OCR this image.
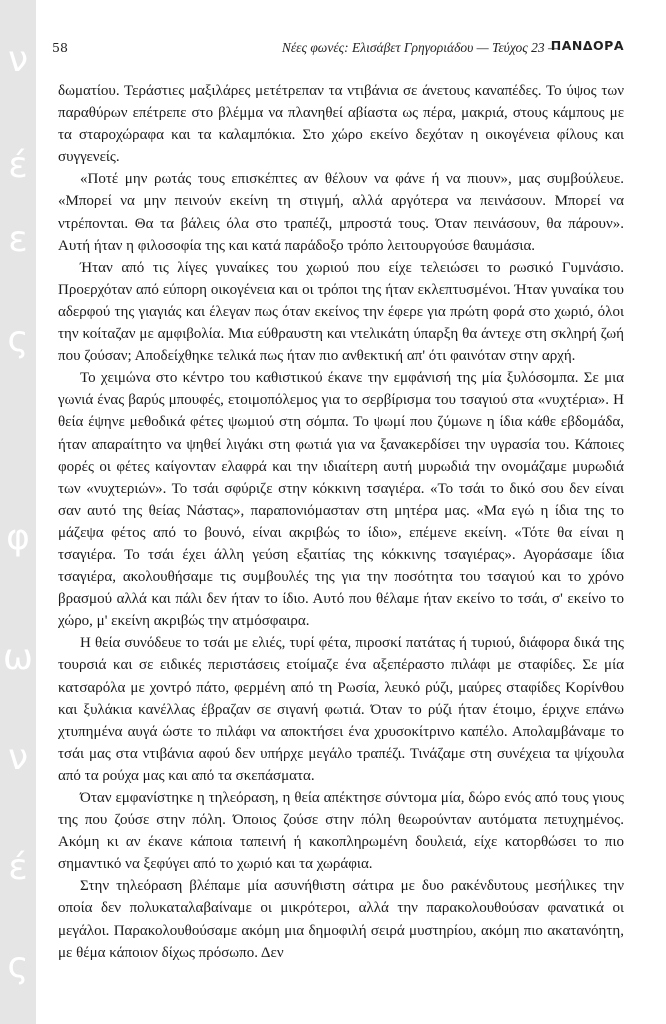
ν
έ
ε
ς
φ
ω
ν
έ
ς
58	Νέες φωνές: Ελισάβετ Γρηγοριάδου — Τεύχος 23 —
ΠΑΝΔΟΡΑ

δωματίου. Τεράστιες μαξιλάρες μετέτρεπαν τα ντιβάνια σε άνετους καναπέδες. Το ύψος των παραθύρων επέτρεπε στο βλέμμα να πλανηθεί αβίαστα ως πέρα, μακριά, στους κάμπους με τα σταροχώραφα και τα καλαμπόκια. Στο χώρο εκείνο δεχόταν η οικογένεια φίλους και συγγενείς.

«Ποτέ μην ρωτάς τους επισκέπτες αν θέλουν να φάνε ή να πιουν», μας συμβούλευε. «Μπορεί να μην πεινούν εκείνη τη στιγμή, αλλά αργότερα να πεινάσουν. Μπορεί να ντρέπονται. Θα τα βάλεις όλα στο τραπέζι, μπροστά τους. Όταν πεινάσουν, θα πάρουν». Αυτή ήταν η φιλοσοφία της και κατά παράδοξο τρόπο λειτουργούσε θαυμάσια.

Ήταν από τις λίγες γυναίκες του χωριού που είχε τελειώσει το ρωσικό Γυμνάσιο. Προερχόταν από εύπορη οικογένεια και οι τρόποι της ήταν εκλεπτυσμένοι. Ήταν γυναίκα του αδερφού της γιαγιάς και έλεγαν πως όταν εκείνος την έφερε για πρώτη φορά στο χωριό, όλοι την κοίταζαν με αμφιβολία. Μια εύθραυστη και ντελικάτη ύπαρξη θα άντεχε στη σκληρή ζωή που ζούσαν; Αποδείχθηκε τελικά πως ήταν πιο ανθεκτική απ' ότι φαινόταν στην αρχή.

Το χειμώνα στο κέντρο του καθιστικού έκανε την εμφάνισή της μία ξυλόσομπα. Σε μια γωνιά ένας βαρύς μπουφές, ετοιμοπόλεμος για το σερβίρισμα του τσαγιού στα «νυχτέρια». Η θεία έψηνε μεθοδικά φέτες ψωμιού στη σόμπα. Το ψωμί που ζύμωνε η ίδια κάθε εβδομάδα, ήταν απαραίτητο να ψηθεί λιγάκι στη φωτιά για να ξανακερδίσει την υγρασία του. Κάποιες φορές οι φέτες καίγονταν ελαφρά και την ιδιαίτερη αυτή μυρωδιά την ονομάζαμε μυρωδιά των «νυχτεριών». Το τσάι σφύριζε στην κόκκινη τσαγιέρα. «Το τσάι το δικό σου δεν είναι σαν αυτό της θείας Νάστας», παραπονιόμασταν στη μητέρα μας. «Μα εγώ η ίδια της το μάζεψα φέτος από το βουνό, είναι ακριβώς το ίδιο», επέμενε εκείνη. «Τότε θα είναι η τσαγιέρα. Το τσάι έχει άλλη γεύση εξαιτίας της κόκκινης τσαγιέρας». Αγοράσαμε ίδια τσαγιέρα, ακολουθήσαμε τις συμβουλές της για την ποσότητα του τσαγιού και το χρόνο βρασμού αλλά και πάλι δεν ήταν το ίδιο. Αυτό που θέλαμε ήταν εκείνο το τσάι, σ' εκείνο το χώρο, μ' εκείνη ακριβώς την ατμόσφαιρα.

Η θεία συνόδευε το τσάι με ελιές, τυρί φέτα, πιροσκί πατάτας ή τυριού, διάφορα δικά της τουρσιά και σε ειδικές περιστάσεις ετοίμαζε ένα αξεπέραστο πιλάφι με σταφίδες. Σε μία κατσαρόλα με χοντρό πάτο, φερμένη από τη Ρωσία, λευκό ρύζι, μαύρες σταφίδες Κορίνθου και ξυλάκια κανέλλας έβραζαν σε σιγανή φωτιά. Όταν το ρύζι ήταν έτοιμο, έριχνε επάνω χτυπημένα αυγά ώστε το πιλάφι να αποκτήσει ένα χρυσοκίτρινο καπέλο. Απολαμβάναμε το τσάι μας στα ντιβάνια αφού δεν υπήρχε μεγάλο τραπέζι. Τινάζαμε στη συνέχεια τα ψίχουλα από τα ρούχα μας και από τα σκεπάσματα.

Όταν εμφανίστηκε η τηλεόραση, η θεία απέκτησε σύντομα μία, δώρο ενός από τους γιους της που ζούσε στην πόλη. Όποιος ζούσε στην πόλη θεωρούνταν αυτόματα πετυχημένος. Ακόμη κι αν έκανε κάποια ταπεινή ή κακοπληρωμένη δουλειά, είχε κατορθώσει το πιο σημαντικό να ξεφύγει από το χωριό και τα χωράφια.

Στην τηλεόραση βλέπαμε μία ασυνήθιστη σάτιρα με δυο ρακένδυτους μεσήλικες την οποία δεν πολυκαταλαβαίναμε οι μικρότεροι, αλλά την παρακολουθούσαν φανατικά οι μεγάλοι. Παρακολουθούσαμε ακόμη μια δημοφιλή σειρά μυστηρίου, ακόμη πιο ακατανόητη, με θέμα κάποιον δίχως πρόσωπο. Δεν
